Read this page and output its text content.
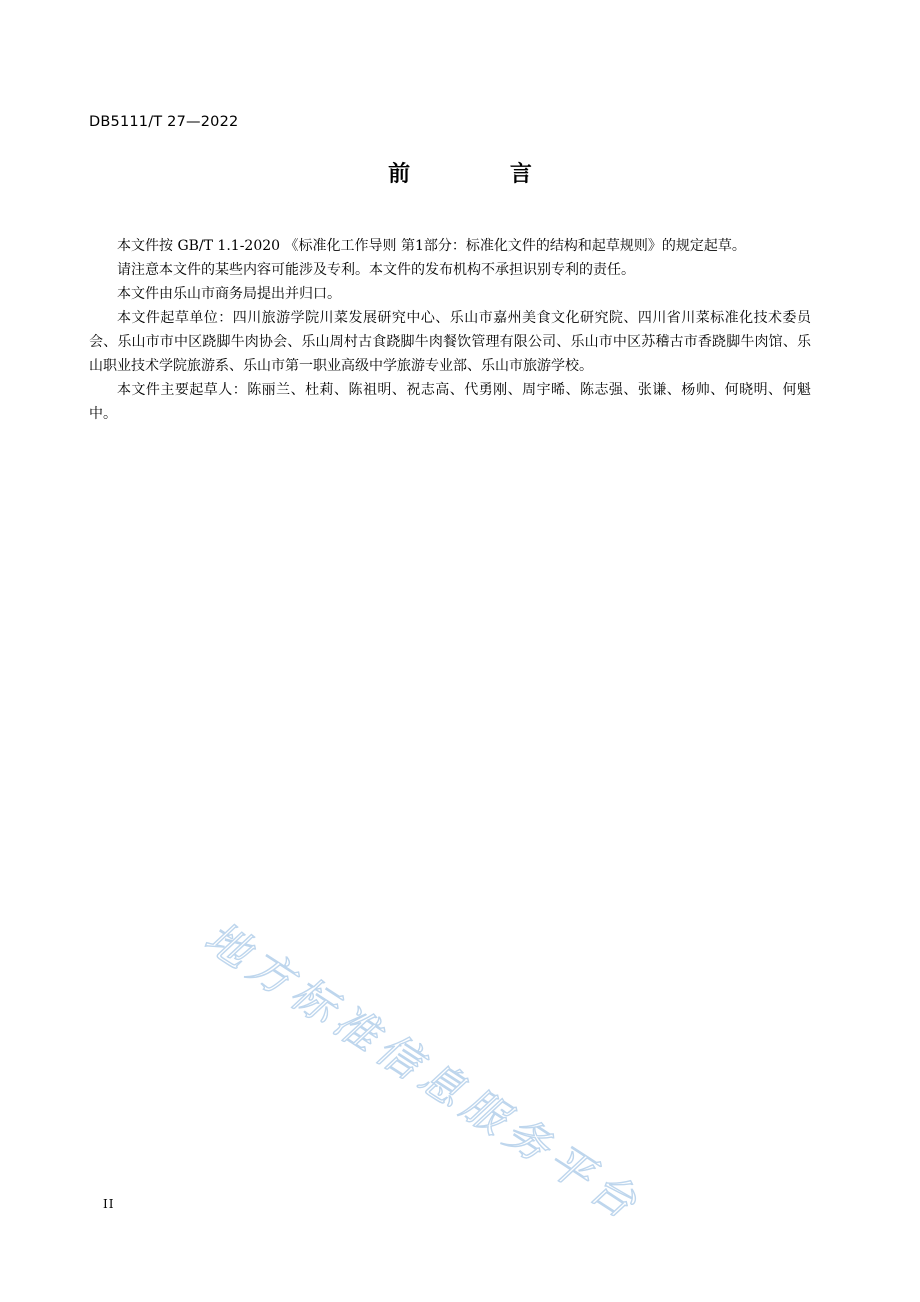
DB5111/T 27—2022
前 言

本文件按 GB/T 1.1-2020 《标准化工作导则 第1部分：标准化文件的结构和起草规则》的规定起草。

请注意本文件的某些内容可能涉及专利。本文件的发布机构不承担识别专利的责任。

本文件由乐山市商务局提出并归口。

本文件起草单位：四川旅游学院川菜发展研究中心、乐山市嘉州美食文化研究院、四川省川菜标准化技术委员会、乐山市市中区跷脚牛肉协会、乐山周村古食跷脚牛肉餐饮管理有限公司、乐山市中区苏稽古市香跷脚牛肉馆、乐山职业技术学院旅游系、乐山市第一职业高级中学旅游专业部、乐山市旅游学校。

本文件主要起草人：陈丽兰、杜莉、陈祖明、祝志高、代勇刚、周宇晞、陈志强、张谦、杨帅、何晓明、何魁中。

地方标准信息服务平台
II
